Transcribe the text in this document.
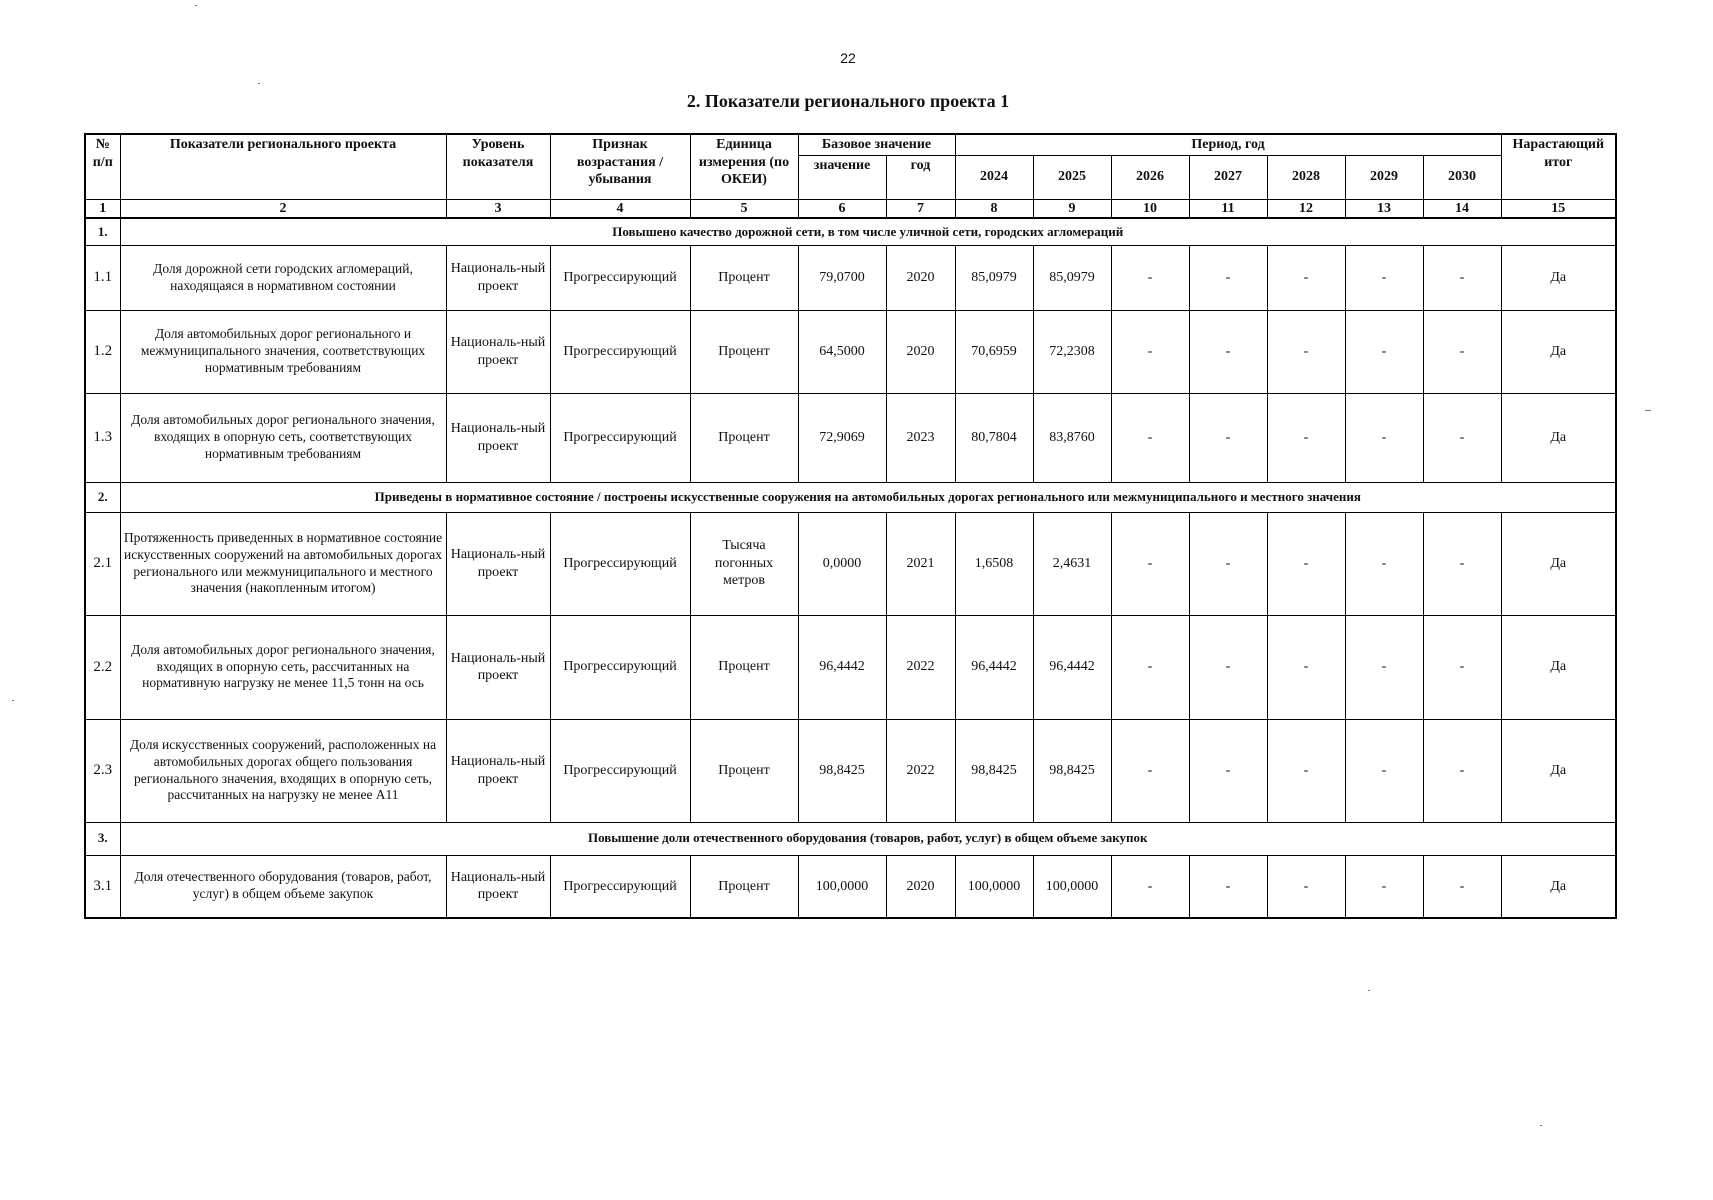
22
2. Показатели регионального проекта 1
№ п/п	Показатели регионального проекта	Уровень показателя	Признак возрастания / убывания	Единица измерения (по ОКЕИ)	Базовое значение		Период, год							Нарастающий итог
					значение	год	2024	2025	2026	2027	2028	2029	2030	
1	2	3	4	5	6	7	8	9	10	11	12	13	14	15
1.	Повышено качество дорожной сети, в том числе уличной сети, городских агломераций													
1.1	Доля дорожной сети городских агломераций, находящаяся в нормативном состоянии	Националь-ный проект	Прогрессирующий	Процент	79,0700	2020	85,0979	85,0979	-	-	-	-	-	Да
1.2	Доля автомобильных дорог регионального и межмуниципального значения, соответствующих нормативным требованиям	Националь-ный проект	Прогрессирующий	Процент	64,5000	2020	70,6959	72,2308	-	-	-	-	-	Да
1.3	Доля автомобильных дорог регионального значения, входящих в опорную сеть, соответствующих нормативным требованиям	Националь-ный проект	Прогрессирующий	Процент	72,9069	2023	80,7804	83,8760	-	-	-	-	-	Да
2.	Приведены в нормативное состояние / построены искусственные сооружения на автомобильных дорогах регионального или межмуниципального и местного значения													
2.1	Протяженность приведенных в нормативное состояние искусственных сооружений на автомобильных дорогах регионального или межмуниципального и местного значения (накопленным итогом)	Националь-ный проект	Прогрессирующий	Тысяча погонных метров	0,0000	2021	1,6508	2,4631	-	-	-	-	-	Да
2.2	Доля автомобильных дорог регионального значения, входящих в опорную сеть, рассчитанных на нормативную нагрузку не менее 11,5 тонн на ось	Националь-ный проект	Прогрессирующий	Процент	96,4442	2022	96,4442	96,4442	-	-	-	-	-	Да
2.3	Доля искусственных сооружений, расположенных на автомобильных дорогах общего пользования регионального значения, входящих в опорную сеть, рассчитанных на нагрузку не менее А11	Националь-ный проект	Прогрессирующий	Процент	98,8425	2022	98,8425	98,8425	-	-	-	-	-	Да
3.	Повышение доли отечественного оборудования (товаров, работ, услуг) в общем объеме закупок													
3.1	Доля отечественного оборудования (товаров, работ, услуг) в общем объеме закупок	Националь-ный проект	Прогрессирующий	Процент	100,0000	2020	100,0000	100,0000	-	-	-	-	-	Да
